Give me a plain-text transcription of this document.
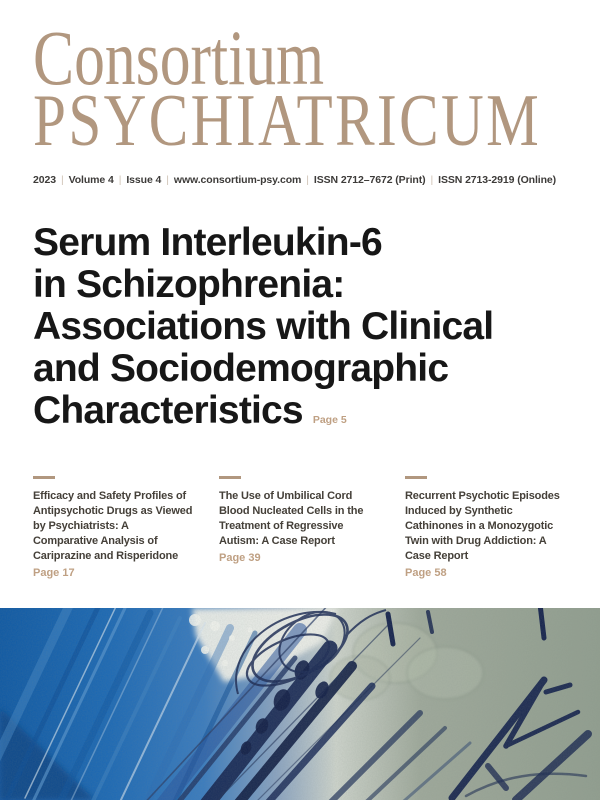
Consortium
PSYCHIATRICUM
2023 | Volume 4 | Issue 4 | www.consortium-psy.com | ISSN 2712–7672 (Print) | ISSN 2713-2919 (Online)
Serum Interleukin-6
in Schizophrenia:
Associations with Clinical
and Sociodemographic
Characteristics Page 5
Efficacy and Safety Profiles of Antipsychotic Drugs as Viewed by Psychiatrists: A Comparative Analysis of Cariprazine and Risperidone
Page 17
The Use of Umbilical Cord Blood Nucleated Cells in the Treatment of Regressive Autism: A Case Report
Page 39
Recurrent Psychotic Episodes Induced by Synthetic Cathinones in a Monozygotic Twin with Drug Addiction: A Case Report
Page 58
